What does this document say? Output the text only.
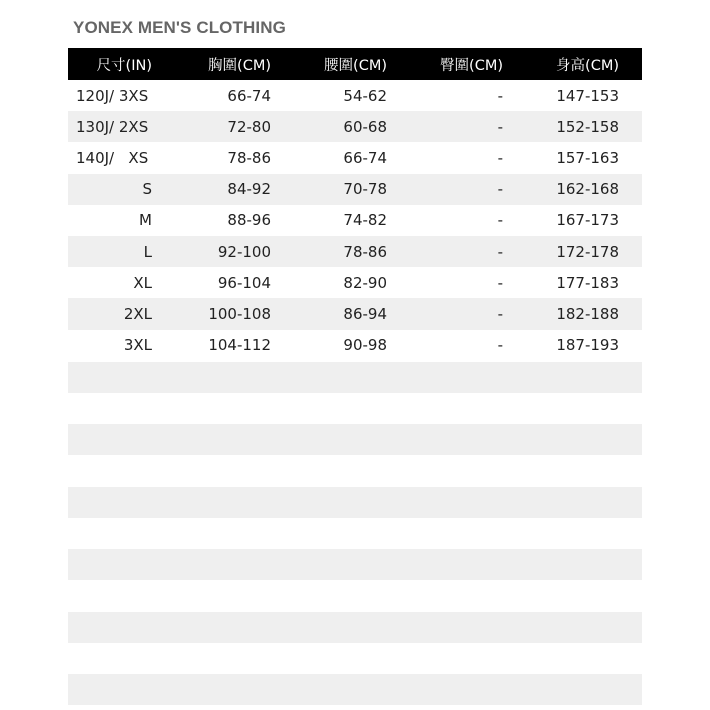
YONEX MEN'S CLOTHING
尺寸(IN)	胸圍(CM)	腰圍(CM)	臀圍(CM)	身高(CM)
120J/ 3XS	66-74	54-62	-	147-153
130J/ 2XS	72-80	60-68	-	152-158
140J/   XS	78-86	66-74	-	157-163
S	84-92	70-78	-	162-168
M	88-96	74-82	-	167-173
L	92-100	78-86	-	172-178
XL	96-104	82-90	-	177-183
2XL	100-108	86-94	-	182-188
3XL	104-112	90-98	-	187-193
